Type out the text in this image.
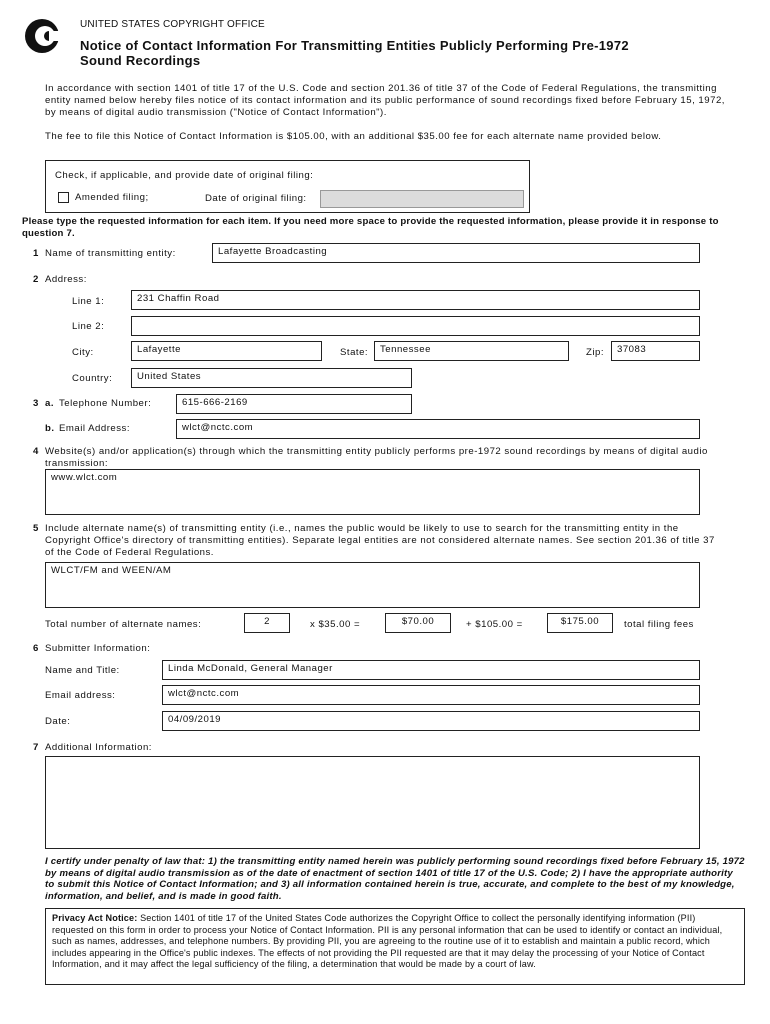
UNITED STATES COPYRIGHT OFFICE
Notice of Contact Information For Transmitting Entities Publicly Performing Pre-1972
Sound Recordings
In accordance with section 1401 of title 17 of the U.S. Code and section 201.36 of title 37 of the Code of Federal Regulations, the transmitting entity named below hereby files notice of its contact information and its public performance of sound recordings fixed before February 15, 1972, by means of digital audio transmission ("Notice of Contact Information").
The fee to file this Notice of Contact Information is $105.00, with an additional $35.00 fee for each alternate name provided below.
Check, if applicable, and provide date of original filing:
Amended filing;	Date of original filing:
Please type the requested information for each item. If you need more space to provide the requested information, please provide it in response to question 7.
1 Name of transmitting entity:	Lafayette Broadcasting
2 Address:
Line 1:	231 Chaffin Road
Line 2:
City:	Lafayette	State:	Tennessee	Zip:	37083
Country:	United States
3 a. Telephone Number:	615-666-2169
b. Email Address:	wlct@nctc.com
4 Website(s) and/or application(s) through which the transmitting entity publicly performs pre-1972 sound recordings by means of digital audio transmission:
www.wlct.com
5 Include alternate name(s) of transmitting entity (i.e., names the public would be likely to use to search for the transmitting entity in the Copyright Office's directory of transmitting entities). Separate legal entities are not considered alternate names. See section 201.36 of title 37 of the Code of Federal Regulations.
WLCT/FM and WEEN/AM
Total number of alternate names:	2	x $35.00 =	$70.00	+ $105.00 =	$175.00	total filing fees
6 Submitter Information:
Name and Title:	Linda McDonald, General Manager
Email address:	wlct@nctc.com
Date:	04/09/2019
7 Additional Information:
I certify under penalty of law that: 1) the transmitting entity named herein was publicly performing sound recordings fixed before February 15, 1972 by means of digital audio transmission as of the date of enactment of section 1401 of title 17 of the U.S. Code; 2) I have the appropriate authority to submit this Notice of Contact Information; and 3) all information contained herein is true, accurate, and complete to the best of my knowledge, information, and belief, and is made in good faith.
Privacy Act Notice: Section 1401 of title 17 of the United States Code authorizes the Copyright Office to collect the personally identifying information (PII) requested on this form in order to process your Notice of Contact Information. PII is any personal information that can be used to identify or contact an individual, such as names, addresses, and telephone numbers. By providing PII, you are agreeing to the routine use of it to establish and maintain a public record, which includes appearing in the Office's public indexes. The effects of not providing the PII requested are that it may delay the processing of your Notice of Contact Information, and it may affect the legal sufficiency of the filing, a determination that would be made by a court of law.
